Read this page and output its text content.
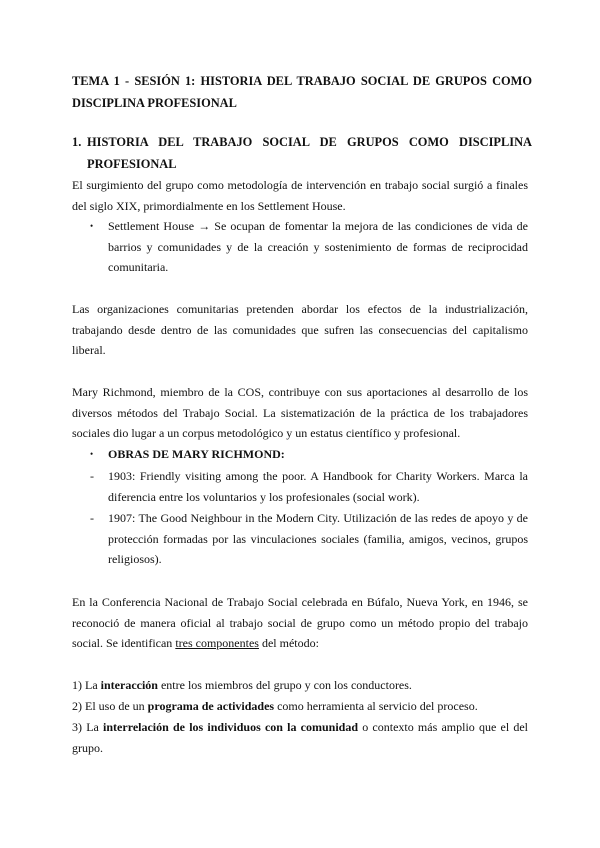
TEMA 1 - SESIÓN 1: HISTORIA DEL TRABAJO SOCIAL DE GRUPOS COMO DISCIPLINA PROFESIONAL
1. HISTORIA DEL TRABAJO SOCIAL DE GRUPOS COMO DISCIPLINA PROFESIONAL
El surgimiento del grupo como metodología de intervención en trabajo social surgió a finales del siglo XIX, primordialmente en los Settlement House.
•	Settlement House → Se ocupan de fomentar la mejora de las condiciones de vida de barrios y comunidades y de la creación y sostenimiento de formas de reciprocidad comunitaria.
Las organizaciones comunitarias pretenden abordar los efectos de la industrialización, trabajando desde dentro de las comunidades que sufren las consecuencias del capitalismo liberal.
Mary Richmond, miembro de la COS, contribuye con sus aportaciones al desarrollo de los diversos métodos del Trabajo Social. La sistematización de la práctica de los trabajadores sociales dio lugar a un corpus metodológico y un estatus científico y profesional.
•	OBRAS DE MARY RICHMOND:
-	1903: Friendly visiting among the poor. A Handbook for Charity Workers. Marca la diferencia entre los voluntarios y los profesionales (social work).
-	1907: The Good Neighbour in the Modern City. Utilización de las redes de apoyo y de protección formadas por las vinculaciones sociales (familia, amigos, vecinos, grupos religiosos).
En la Conferencia Nacional de Trabajo Social celebrada en Búfalo, Nueva York, en 1946, se reconoció de manera oficial al trabajo social de grupo como un método propio del trabajo social. Se identifican tres componentes del método:
1) La interacción entre los miembros del grupo y con los conductores.
2) El uso de un programa de actividades como herramienta al servicio del proceso.
3) La interrelación de los individuos con la comunidad o contexto más amplio que el del grupo.
